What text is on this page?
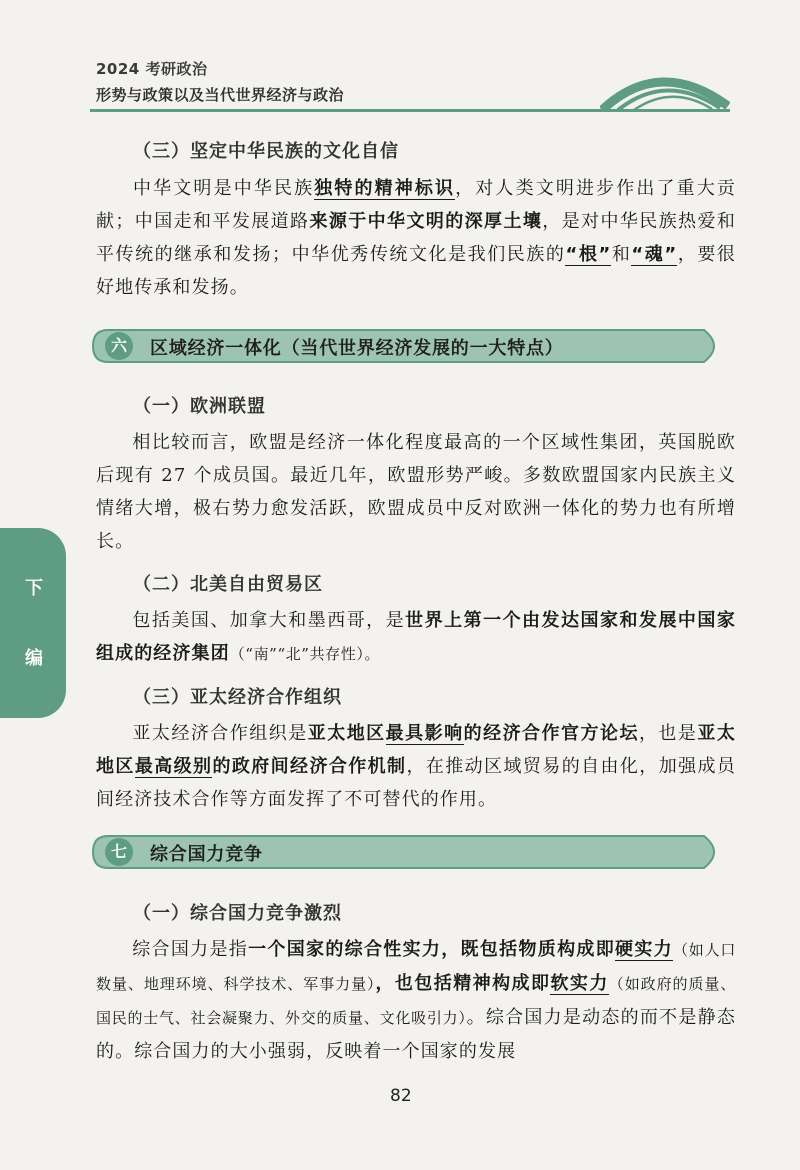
2024 考研政治
形势与政策以及当代世界经济与政治
（三）坚定中华民族的文化自信

中华文明是中华民族独特的精神标识，对人类文明进步作出了重大贡献；中国走和平发展道路来源于中华文明的深厚土壤，是对中华民族热爱和平传统的继承和发扬；中华优秀传统文化是我们民族的“根”和“魂”，要很好地传承和发扬。

六 区域经济一体化（当代世界经济发展的一大特点）
（一）欧洲联盟

相比较而言，欧盟是经济一体化程度最高的一个区域性集团，英国脱欧后现有 27 个成员国。最近几年，欧盟形势严峻。多数欧盟国家内民族主义情绪大增，极右势力愈发活跃，欧盟成员中反对欧洲一体化的势力也有所增长。

（二）北美自由贸易区

包括美国、加拿大和墨西哥，是世界上第一个由发达国家和发展中国家组成的经济集团（“南”“北”共存性）。

（三）亚太经济合作组织

亚太经济合作组织是亚太地区最具影响的经济合作官方论坛，也是亚太地区最高级别的政府间经济合作机制，在推动区域贸易的自由化，加强成员间经济技术合作等方面发挥了不可替代的作用。

七 综合国力竞争
（一）综合国力竞争激烈

综合国力是指一个国家的综合性实力，既包括物质构成即硬实力（如人口数量、地理环境、科学技术、军事力量），也包括精神构成即软实力（如政府的质量、国民的士气、社会凝聚力、外交的质量、文化吸引力）。综合国力是动态的而不是静态的。综合国力的大小强弱，反映着一个国家的发展

下
编
82
